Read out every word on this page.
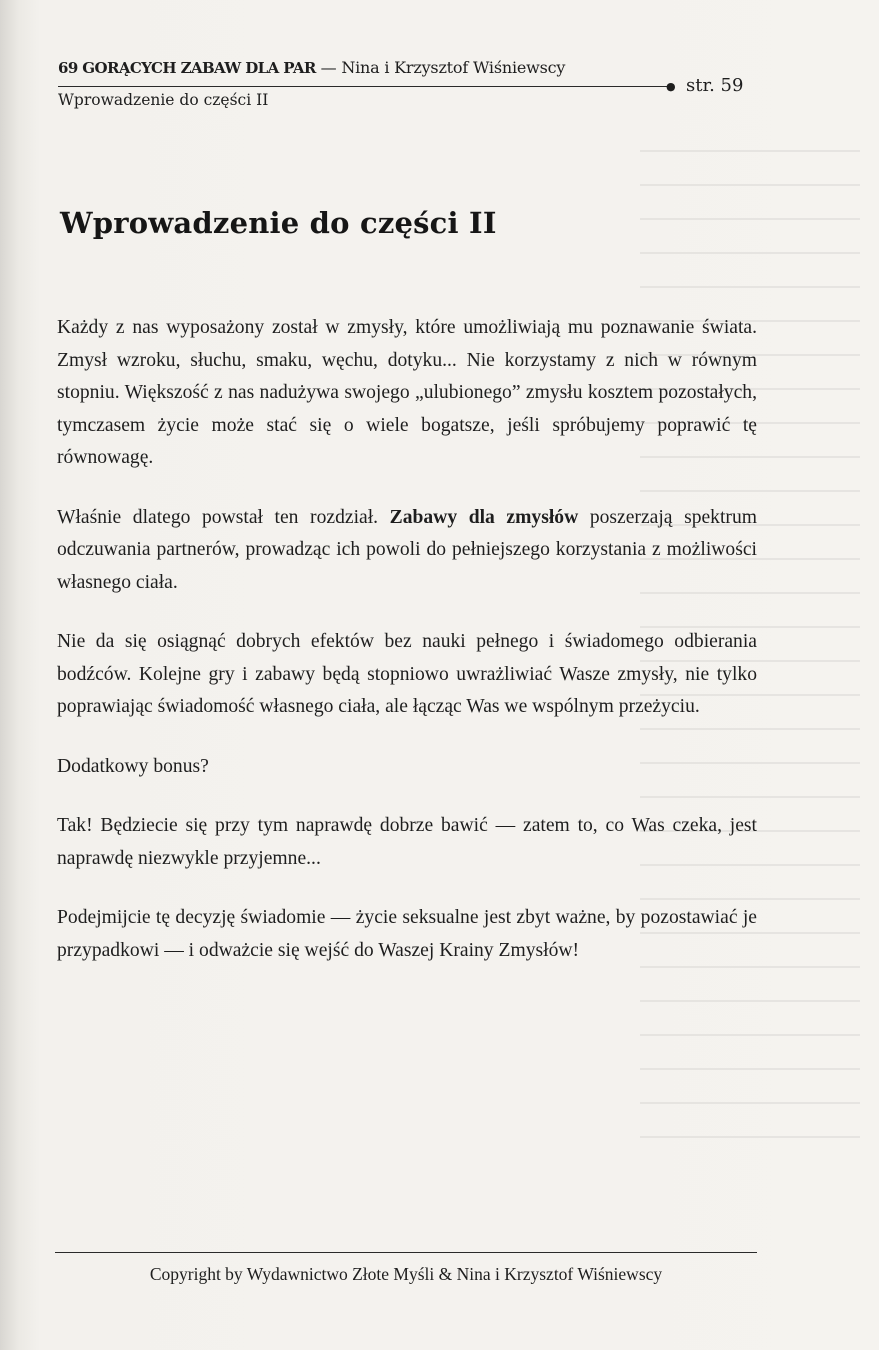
69 GORĄCYCH ZABAW DLA PAR — Nina i Krzysztof Wiśniewscy
● str. 59
Wprowadzenie do części II
Wprowadzenie do części II

Każdy z nas wyposażony został w zmysły, które umożliwiają mu poznawanie świata. Zmysł wzroku, słuchu, smaku, węchu, dotyku... Nie korzystamy z nich w równym stopniu. Większość z nas nadużywa swojego „ulubionego” zmysłu kosztem pozostałych, tymczasem życie może stać się o wiele bogatsze, jeśli spróbujemy poprawić tę równowagę.

Właśnie dlatego powstał ten rozdział. Zabawy dla zmysłów poszerzają spektrum odczuwania partnerów, prowadząc ich powoli do pełniejszego korzystania z możliwości własnego ciała.

Nie da się osiągnąć dobrych efektów bez nauki pełnego i świadomego odbierania bodźców. Kolejne gry i zabawy będą stopniowo uwrażliwiać Wasze zmysły, nie tylko poprawiając świadomość własnego ciała, ale łącząc Was we wspólnym przeżyciu.

Dodatkowy bonus?

Tak! Będziecie się przy tym naprawdę dobrze bawić — zatem to, co Was czeka, jest naprawdę niezwykle przyjemne...

Podejmijcie tę decyzję świadomie — życie seksualne jest zbyt ważne, by pozostawiać je przypadkowi — i odważcie się wejść do Waszej Krainy Zmysłów!

Copyright by Wydawnictwo Złote Myśli & Nina i Krzysztof Wiśniewscy
